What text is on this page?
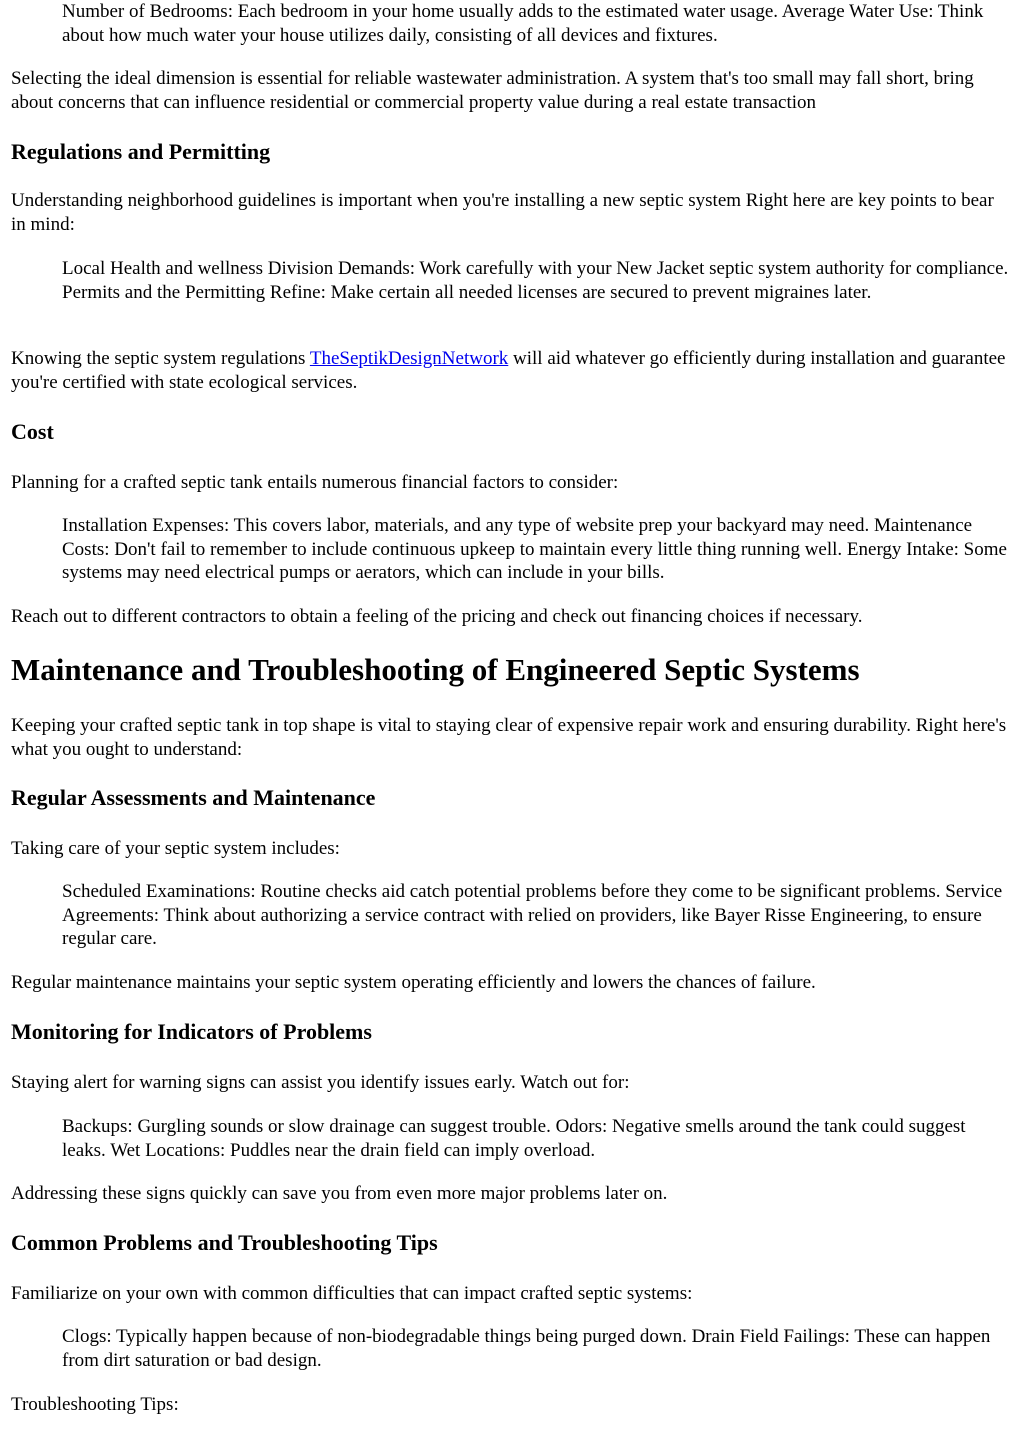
Number of Bedrooms: Each bedroom in your home usually adds to the estimated water usage. Average Water Use: Think about how much water your house utilizes daily, consisting of all devices and fixtures.

Selecting the ideal dimension is essential for reliable wastewater administration. A system that's too small may fall short, bring about concerns that can influence residential or commercial property value during a real estate transaction

Regulations and Permitting

Understanding neighborhood guidelines is important when you're installing a new septic system Right here are key points to bear in mind:

Local Health and wellness Division Demands: Work carefully with your New Jacket septic system authority for compliance. Permits and the Permitting Refine: Make certain all needed licenses are secured to prevent migraines later.

Knowing the septic system regulations TheSeptikDesignNetwork will aid whatever go efficiently during installation and guarantee you're certified with state ecological services.

Cost

Planning for a crafted septic tank entails numerous financial factors to consider:

Installation Expenses: This covers labor, materials, and any type of website prep your backyard may need. Maintenance Costs: Don't fail to remember to include continuous upkeep to maintain every little thing running well. Energy Intake: Some systems may need electrical pumps or aerators, which can include in your bills.

Reach out to different contractors to obtain a feeling of the pricing and check out financing choices if necessary.

Maintenance and Troubleshooting of Engineered Septic Systems

Keeping your crafted septic tank in top shape is vital to staying clear of expensive repair work and ensuring durability. Right here's what you ought to understand:

Regular Assessments and Maintenance

Taking care of your septic system includes:

Scheduled Examinations: Routine checks aid catch potential problems before they come to be significant problems. Service Agreements: Think about authorizing a service contract with relied on providers, like Bayer Risse Engineering, to ensure regular care.

Regular maintenance maintains your septic system operating efficiently and lowers the chances of failure.

Monitoring for Indicators of Problems

Staying alert for warning signs can assist you identify issues early. Watch out for:

Backups: Gurgling sounds or slow drainage can suggest trouble. Odors: Negative smells around the tank could suggest leaks. Wet Locations: Puddles near the drain field can imply overload.

Addressing these signs quickly can save you from even more major problems later on.

Common Problems and Troubleshooting Tips

Familiarize on your own with common difficulties that can impact crafted septic systems:

Clogs: Typically happen because of non-biodegradable things being purged down. Drain Field Failings: These can happen from dirt saturation or bad design.

Troubleshooting Tips:
